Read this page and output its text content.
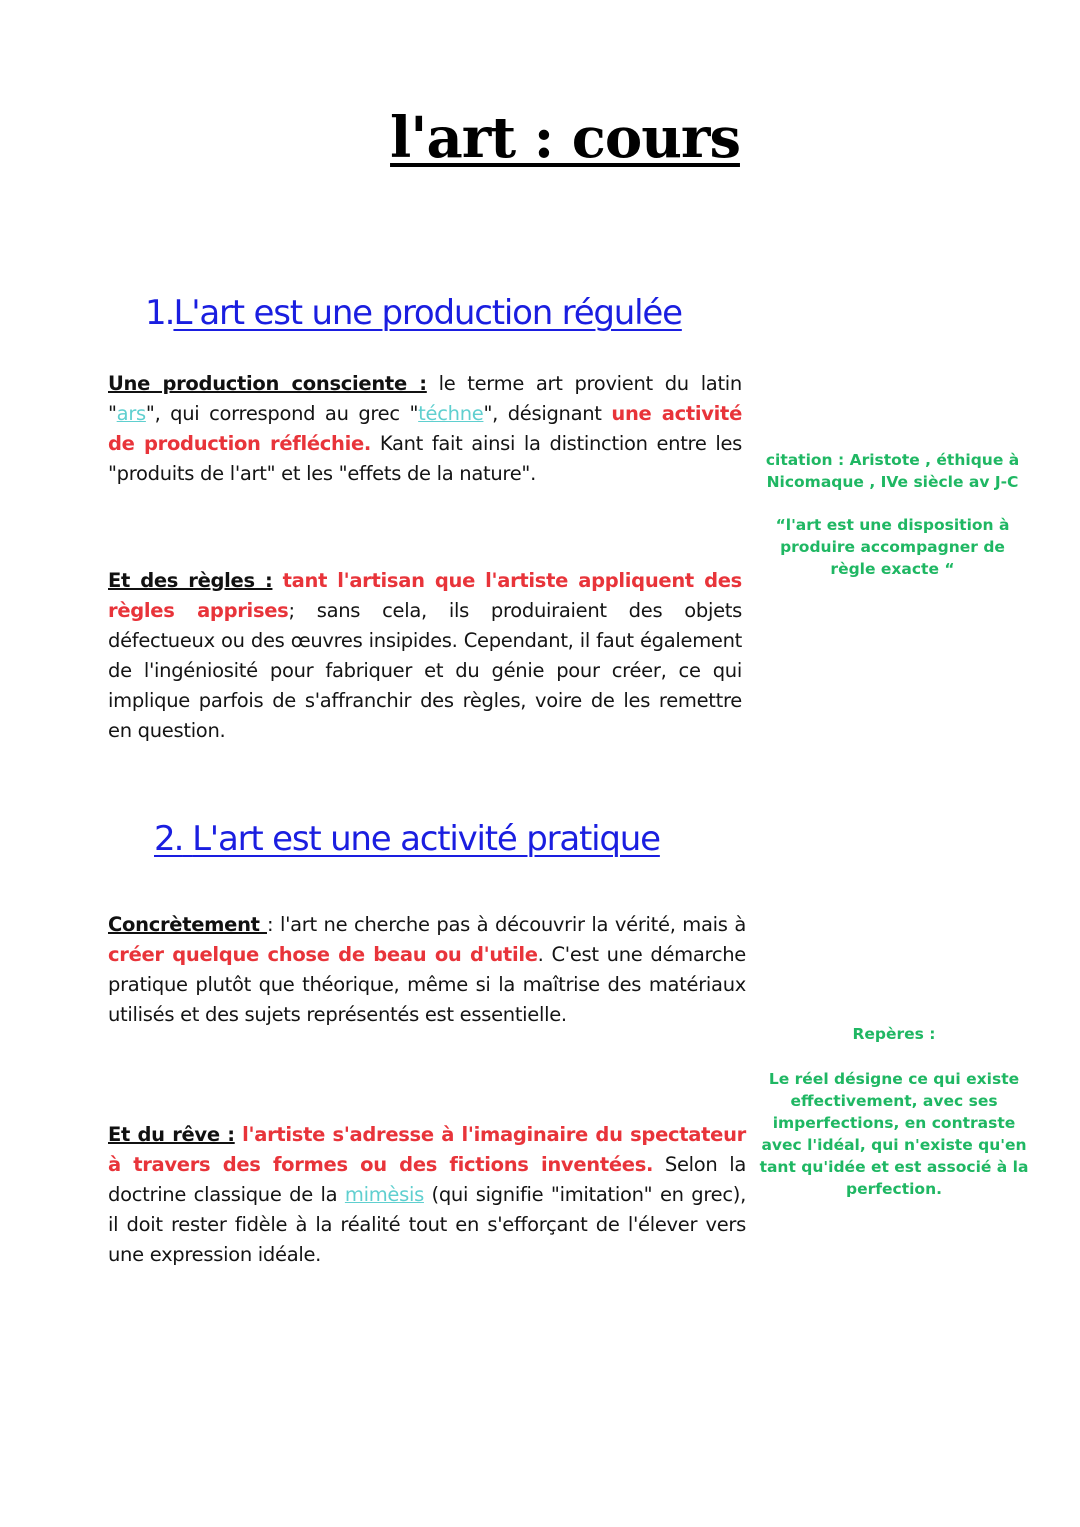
l'art : cours
1.L'art est une production régulée
Une production consciente : le terme art provient du latin "ars", qui correspond au grec "téchne", désignant une activité de production réfléchie. Kant fait ainsi la distinction entre les "produits de l'art" et les "effets de la nature".
Et des règles : tant l'artisan que l'artiste appliquent des règles apprises; sans cela, ils produiraient des objets défectueux ou des œuvres insipides. Cependant, il faut également de l'ingéniosité pour fabriquer et du génie pour créer, ce qui implique parfois de s'affranchir des règles, voire de les remettre en question.
citation : Aristote , éthique à Nicomaque , IVe siècle av J-C
“l'art est une disposition à produire accompagner de règle exacte “
2. L'art est une activité pratique
Concrètement : l'art ne cherche pas à découvrir la vérité, mais à créer quelque chose de beau ou d'utile. C'est une démarche pratique plutôt que théorique, même si la maîtrise des matériaux utilisés et des sujets représentés est essentielle.
Et du rêve : l'artiste s'adresse à l'imaginaire du spectateur à travers des formes ou des fictions inventées. Selon la doctrine classique de la mimèsis (qui signifie "imitation" en grec), il doit rester fidèle à la réalité tout en s'efforçant de l'élever vers une expression idéale.
Repères :
Le réel désigne ce qui existe effectivement, avec ses imperfections, en contraste avec l'idéal, qui n'existe qu'en tant qu'idée et est associé à la perfection.
